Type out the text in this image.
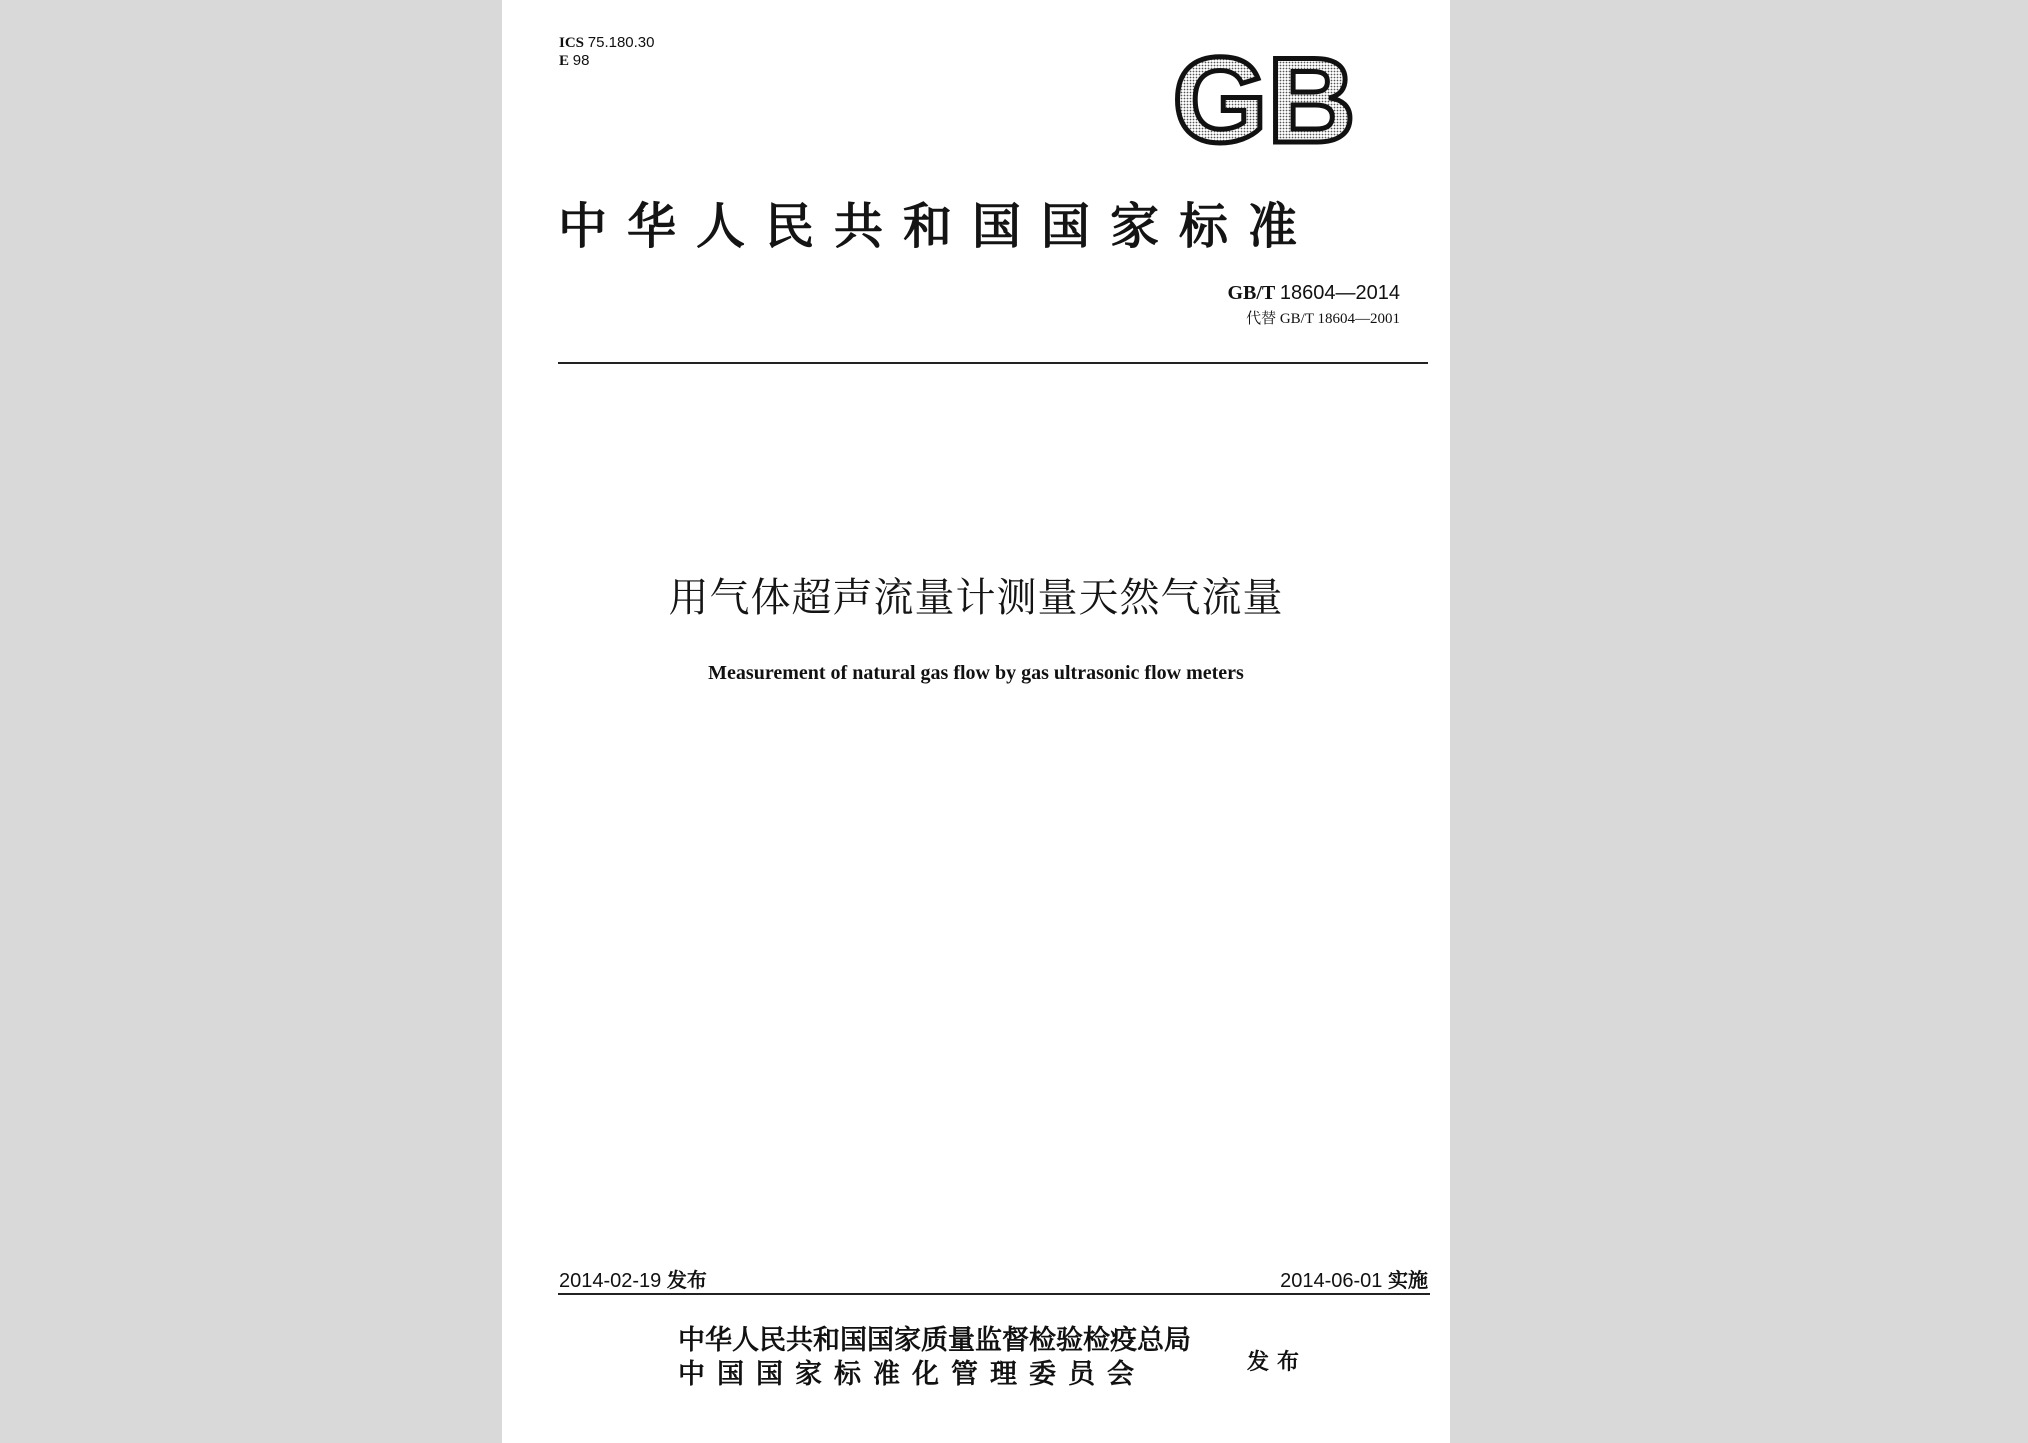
ICS 75.180.30
E 98	GB
中华人民共和国国家标准
GB/T 18604—2014
代替 GB/T 18604—2001
用气体超声流量计测量天然气流量
Measurement of natural gas flow by gas ultrasonic flow meters
2014-02-19 发布	2014-06-01 实施
中华人民共和国国家质量监督检验检疫总局
中国国家标准化管理委员会	发布
